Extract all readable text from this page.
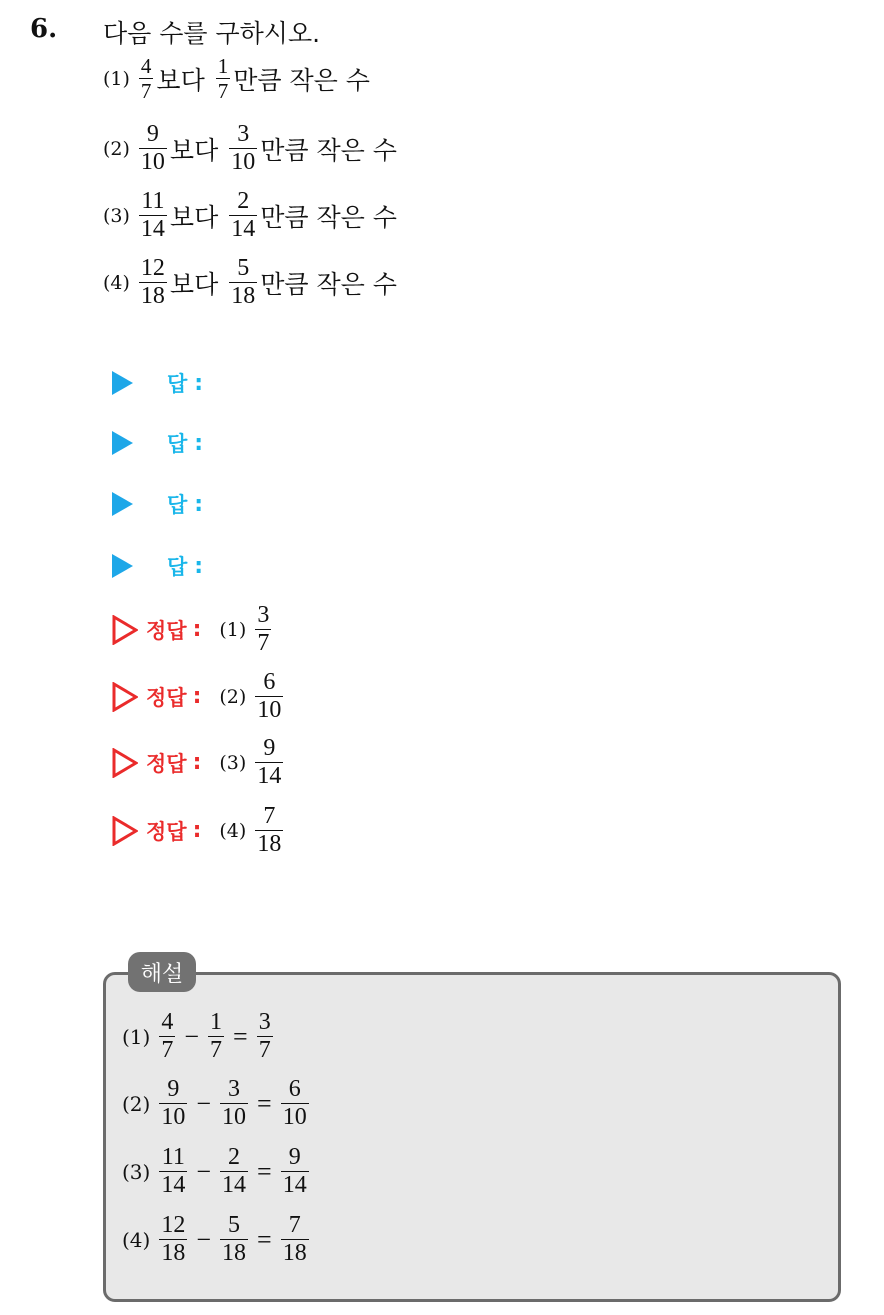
6. 다음 수를 구하시오.
$(1) \frac{4}{7}$ 보다 $\frac{1}{7}$ 만큼 작은 수
$(2) \frac{9}{10}$ 보다 $\frac{3}{10}$ 만큼 작은 수
$(3) \frac{11}{14}$ 보다 $\frac{2}{14}$ 만큼 작은 수
$(4) \frac{12}{18}$ 보다 $\frac{5}{18}$ 만큼 작은 수
답 :
답 :
답 :
답 :
정답 : $(1) \frac{3}{7}$
정답 : $(2) \frac{6}{10}$
정답 : $(3) \frac{9}{14}$
정답 : $(4) \frac{7}{18}$
해설
$(1) \frac{4}{7} - \frac{1}{7} = \frac{3}{7}$
$(2) \frac{9}{10} - \frac{3}{10} = \frac{6}{10}$
$(3) \frac{11}{14} - \frac{2}{14} = \frac{9}{14}$
$(4) \frac{12}{18} - \frac{5}{18} = \frac{7}{18}$
